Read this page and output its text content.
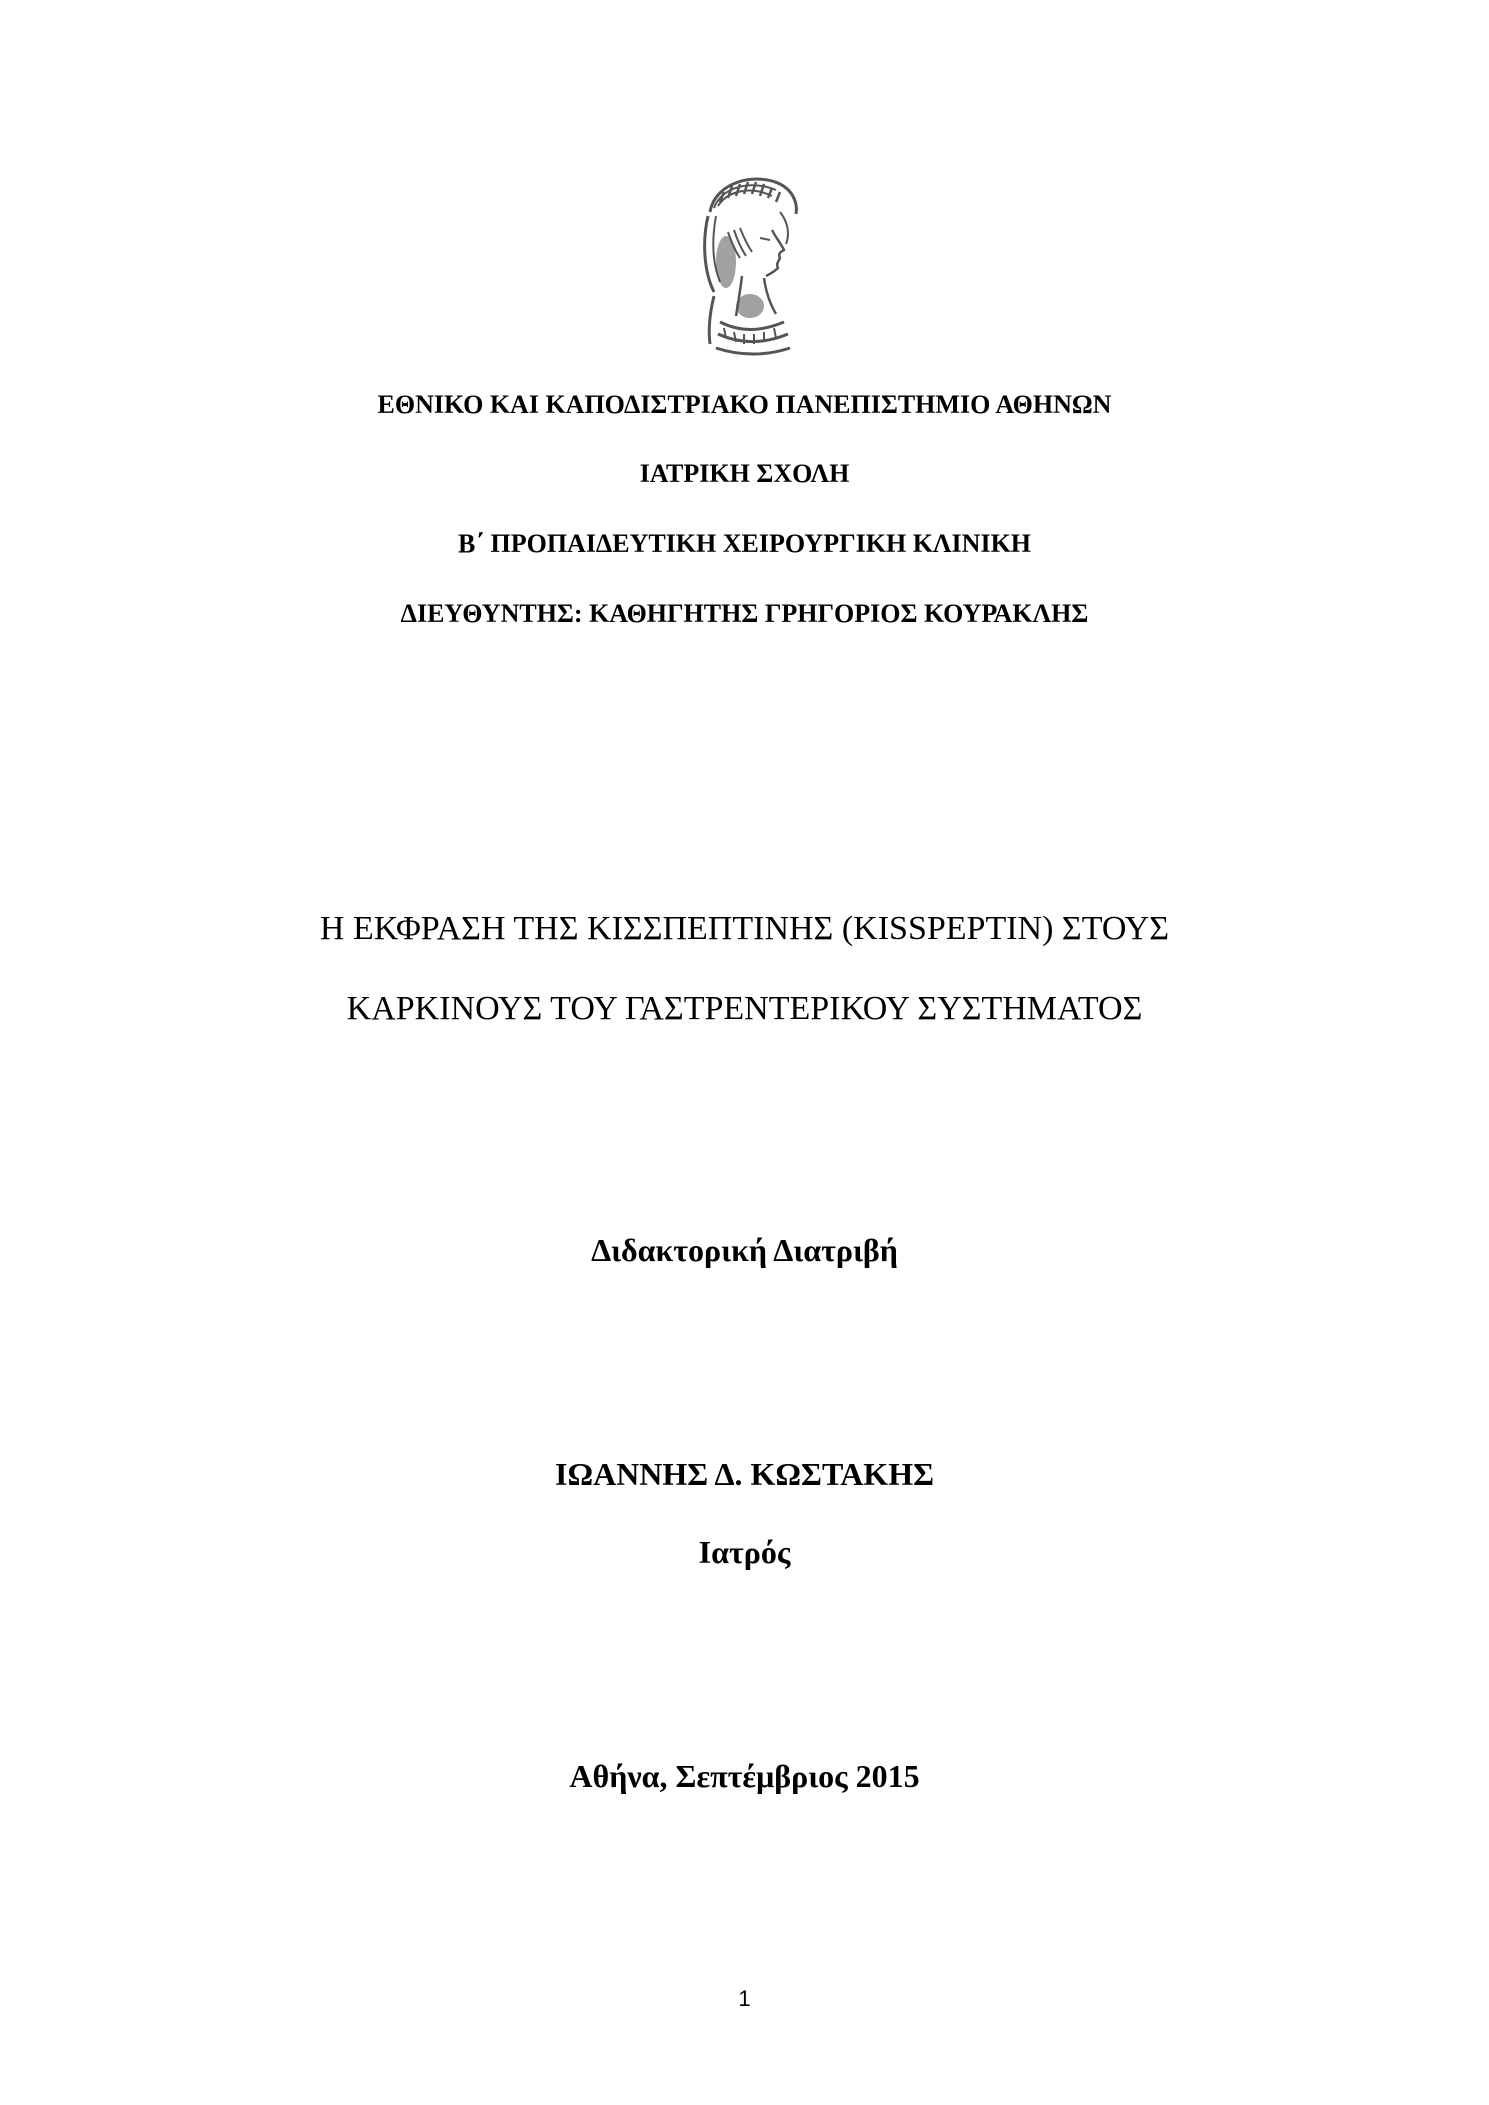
ΕΘΝΙΚΟ ΚΑΙ ΚΑΠΟΔΙΣΤΡΙΑΚΟ ΠΑΝΕΠΙΣΤΗΜΙΟ ΑΘΗΝΩΝ
ΙΑΤΡΙΚΗ ΣΧΟΛΗ
Β΄ ΠΡΟΠΑΙΔΕΥΤΙΚΗ ΧΕΙΡΟΥΡΓΙΚΗ ΚΛΙΝΙΚΗ
ΔΙΕΥΘΥΝΤΗΣ: ΚΑΘΗΓΗΤΗΣ ΓΡΗΓΟΡΙΟΣ ΚΟΥΡΑΚΛΗΣ
Η ΕΚΦΡΑΣΗ ΤΗΣ ΚΙΣΣΠΕΠΤΙΝΗΣ (KISSPEPTIN) ΣΤΟΥΣ
ΚΑΡΚΙΝΟΥΣ ΤΟΥ ΓΑΣΤΡΕΝΤΕΡΙΚΟΥ ΣΥΣΤΗΜΑΤΟΣ
Διδακτορική Διατριβή
ΙΩΑΝΝΗΣ Δ. ΚΩΣΤΑΚΗΣ
Ιατρός
Αθήνα, Σεπτέμβριος 2015
1
